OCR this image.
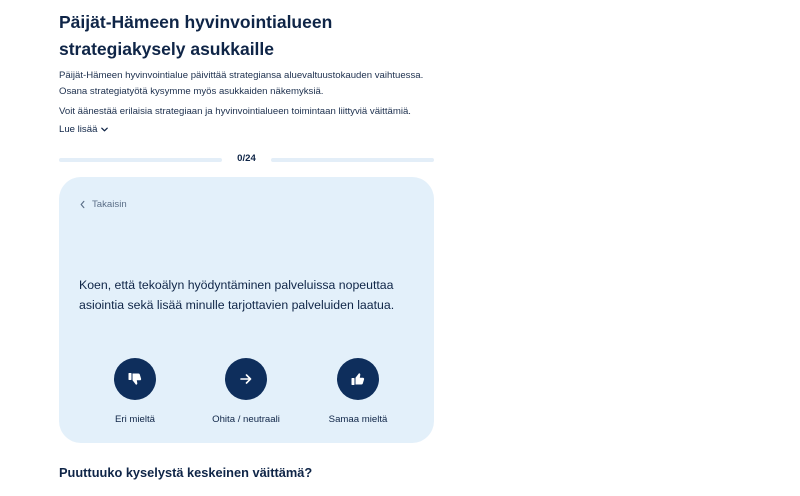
Päijät-Hämeen hyvinvointialueen strategiakysely asukkaille

Päijät-Hämeen hyvinvointialue päivittää strategiansa aluevaltuustokauden vaihtuessa. Osana strategiatyötä kysymme myös asukkaiden näkemyksiä.

Voit äänestää erilaisia strategiaan ja hyvinvointialueen toimintaan liittyviä väittämiä.

Lue lisää
0/24
Takaisin

Koen, että tekoälyn hyödyntäminen palveluissa nopeuttaa asiointia sekä lisää minulle tarjottavien palveluiden laatua.

Eri mieltä	Ohita / neutraali	Samaa mieltä
Puuttuuko kyselystä keskeinen väittämä?
